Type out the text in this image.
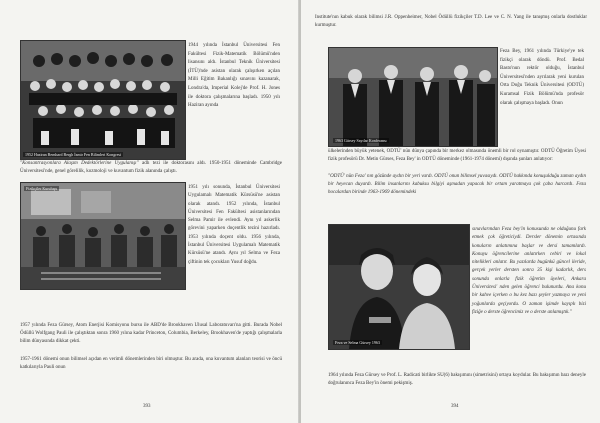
1952 Haziran Bernhard Bergh İzmir Fen Bilimleri Kongresi

1944 yılında İstanbul Üniversitesi Fen Fakültesi Fizik-Matematik Bölümü'nden lisansını aldı. İstanbul Teknik Üniversitesi (İTÜ)'nde asistan olarak çalışırken açılan Milli Eğitim Bakanlığı sınavını kazanarak, Londra'da, Imperial Kolej'de Prof. H. Jones ile doktora çalışmalarına başladı. 1950 yılı Haziran ayında

"Konsantrasyonlara Alaşım Dedektörlerine Uygulanışı" adlı tezi ile doktorasını aldı. 1950-1951 döneminde Cambridge Üniversitesi'nde, genel görelilik, kozmoloji ve kuvantum fizik alanında çalıştı.

Fizikçiler Kuruluşu	1951 yılı sonunda, İstanbul Üniversitesi Uygulamalı Matematik Kürsüsü'ne asistan olarak atandı. 1952 yılında, İstanbul Üniversitesi Fen Fakültesi asistanlarından Selma Pamir ile evlendi. Aynı yıl askerlik görevini yaparken doçentlik tezini hazırladı. 1953 yılında doçent oldu. 1956 yılında, İstanbul Üniversitesi Uygulamalı Matematik Kürsüsü'ne atandı. Aynı yıl Selma ve Feza çiftinin tek çocukları Yusuf doğdu.

1957 yılında Feza Gürsey, Atom Enerjisi Komisyonu bursu ile ABD'de Brookhaven Ulusal Laboratuvarı'na gitti. Burada Nobel Ödüllü Wolfgang Pauli ile çalıştıktan sonra 1960 yılına kadar Princeton, Columbia, Berkeley, Brookhaven'de yaptığı çalışmalarla bilim dünyasında dikkat çekti.

1957-1961 dönemi onun bilimsel açıdan en verimli dönemlerinden biri olmuştur. Bu arada, ona kuvantum alanları teorisi ve öncü katkılarıyla Pauli onun

393

Institute'nın kabuk olarak bilimsi J.R. Oppenheimer, Nobel Ödüllü fizikçiler T.D. Lee ve C. N. Yang ile tanışmış onlarla dostluklar kurmuştur.

1963 Gürsey Sayılar Konferansı

Feza Bey, 1961 yılında Türkiye'ye tek fizikçi olarak döndü. Prof. Bedal Basto'nun rektör olduğu, İstanbul Üniversitesi'nden ayrılarak yeni kurulan Orta Doğu Teknik Üniversitesi (ODTÜ) Kuramsal Fizik Bölümü'nda profesör olarak çalışmaya başladı. Onun

ülkelerinden büyük yetenek, ODTÜ' nün dünya çapında bir merkez olmasında önemli bir rol oynamıştır. ODTÜ Öğretim Üyesi fizik profesörü Dr. Metin Gürses, Feza Bey' in ODTÜ döneminde (1961-1974 dönemi) dışında şunları anlatıyor:

"ODTÜ' nün Feza' nın gözünde aydın bir yeri vardı. ODTÜ onun bilimsel yuvasıydı. ODTÜ hakkında konuşulduğu zaman aydın bir heyecan duyardı. Bilim insanlarını kabuksu bilgiyi aşmadan yapacak bir ortam yaratmaya çok çaba harcardı. Feza hocalardan birinde 1963-1969 dönemindeki

Feza ve Selma Gürsey 1963

sınavlarından Feza bey'in konusunda ne olduğunu fark etmek çok öğreticiydi. Dersler dönemin ortasında konuların anlatımına başlar ve dersi tamamlardı. Konuyu öğrencilerine anlatırken cebiri ve lokal nitelikleri anlatır. Bu yazılarda bugünkü güncel ileride, gerçek yerler dersten sonra 35 kişi kadarlık, ders sonunda onlarla fizik öğretim üyeleri, Ankara Üniversitesi' nden gelen öğrenci bulunurdu. Ana konu bir kahve içerken o bu kez bazı şeyler yazmaya ve yeni yoğunlarda geçiyordu. O zaman işimde kayıplı bizi fiziğe o derste öğrencimiz ve o derste anlamıştık."

1964 yılında Feza Gürsey ve Prof. L. Radicati birlikte SU(6) bakışımını (simetrisini) ortaya koydular. Bu bakışımın bazı deneyle doğrulanınca Feza Bey'in önemi pekişmiş.

394
